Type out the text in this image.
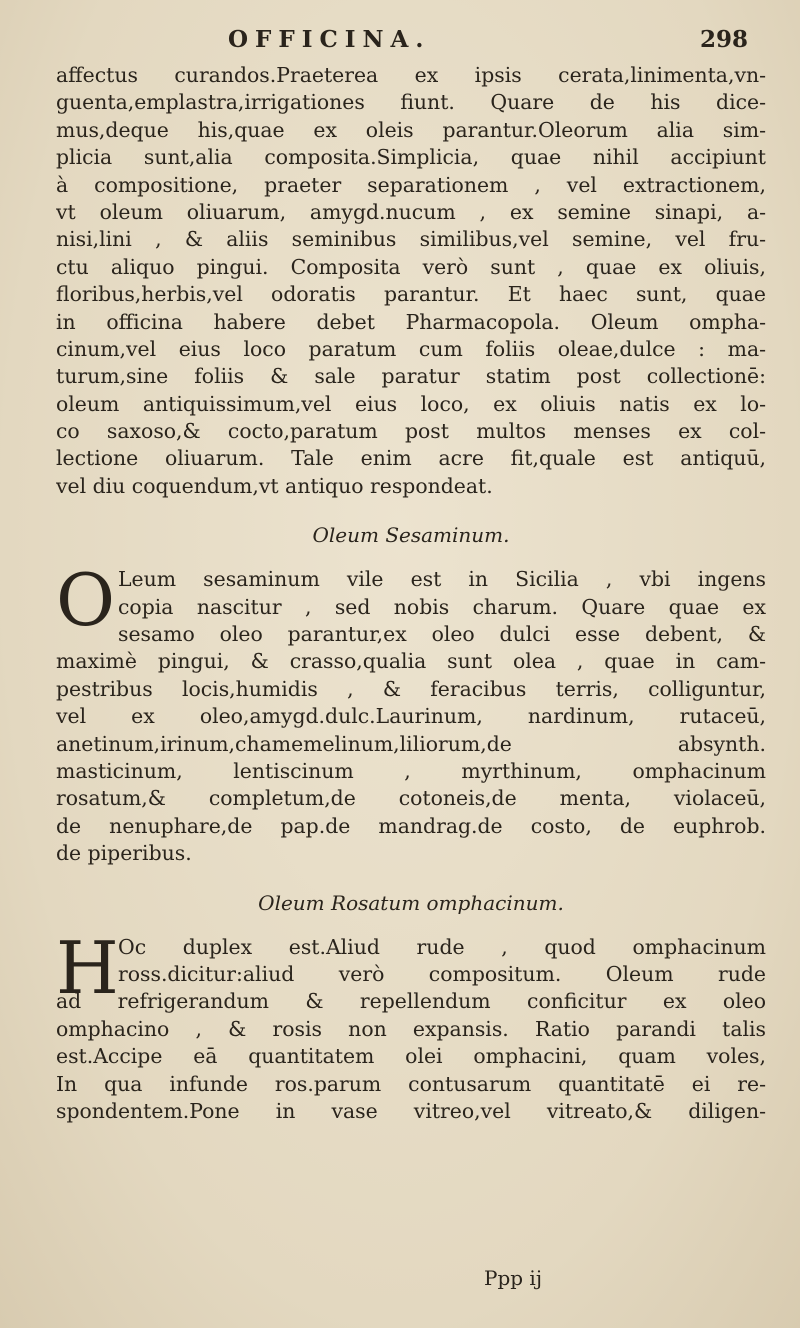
OFFICINA.	298
affectus curandos.Praeterea ex ipsis cerata,linimenta,vn-
guenta,emplastra,irrigationes fiunt. Quare de his dice-
mus,deque his,quae ex oleis parantur.Oleorum alia sim-
plicia sunt,alia composita.Simplicia, quae nihil accipiunt
à compositione, praeter separationem , vel extractionem,
vt oleum oliuarum, amygd.nucum , ex semine sinapi, a-
nisi,lini , & aliis seminibus similibus,vel semine, vel fru-
ctu aliquo pingui. Composita verò sunt , quae ex oliuis,
floribus,herbis,vel odoratis parantur. Et haec sunt, quae
in officina habere debet Pharmacopola. Oleum ompha-
cinum,vel eius loco paratum cum foliis oleae,dulce : ma-
turum,sine foliis & sale paratur statim post collectionē:
oleum antiquissimum,vel eius loco, ex oliuis natis ex lo-
co saxoso,& cocto,paratum post multos menses ex col-
lectione oliuarum. Tale enim acre fit,quale est antiquū,
vel diu coquendum,vt antiquo respondeat.
Oleum Sesaminum.
O Leum sesaminum vile est in Sicilia , vbi ingens
copia nascitur , sed nobis charum. Quare quae ex
sesamo oleo parantur,ex oleo dulci esse debent, &
maximè pingui, & crasso,qualia sunt olea , quae in cam-
pestribus locis,humidis , & feracibus terris, colliguntur,
vel ex oleo,amygd.dulc.Laurinum, nardinum, rutaceū,
anetinum,irinum,chamemelinum,liliorum,de absynth.
masticinum, lentiscinum , myrthinum, omphacinum
rosatum,& completum,de cotoneis,de menta, violaceū,
de nenuphare,de pap.de mandrag.de costo, de euphrob.
de piperibus.
Oleum Rosatum omphacinum.
H Oc duplex est.Aliud rude , quod omphacinum
ross.dicitur:aliud verò compositum. Oleum rude
ad refrigerandum & repellendum conficitur ex oleo
omphacino , & rosis non expansis. Ratio parandi talis
est.Accipe eā quantitatem olei omphacini, quam voles,
In qua infunde ros.parum contusarum quantitatē ei re-
spondentem.Pone in vase vitreo,vel vitreato,& diligen-
Ppp ij
